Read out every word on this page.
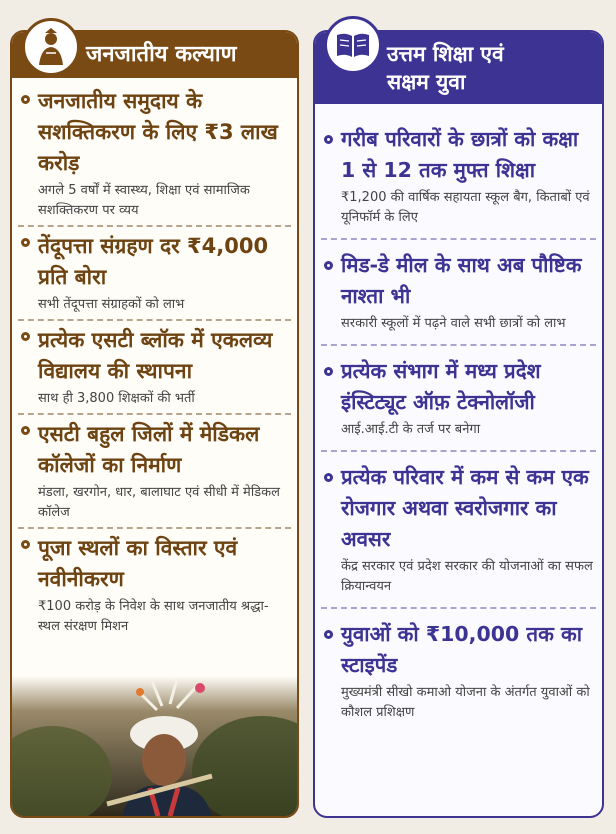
जनजातीय कल्याण
जनजातीय समुदाय के सशक्तिकरण के लिए ₹3 लाख करोड़
अगले 5 वर्षों में स्वास्थ्य, शिक्षा एवं सामाजिक सशक्तिकरण पर व्यय
तेंदूपत्ता संग्रहण दर ₹4,000 प्रति बोरा
सभी तेंदूपत्ता संग्राहकों को लाभ
प्रत्येक एसटी ब्लॉक में एकलव्य विद्यालय की स्थापना
साथ ही 3,800 शिक्षकों की भर्ती
एसटी बहुल जिलों में मेडिकल कॉलेजों का निर्माण
मंडला, खरगोन, धार, बालाघाट एवं सीधी में मेडिकल कॉलेज
पूजा स्थलों का विस्तार एवं नवीनीकरण
₹100 करोड़ के निवेश के साथ जनजातीय श्रद्धा-स्थल संरक्षण मिशन
उत्तम शिक्षा एवं
सक्षम युवा
गरीब परिवारों के छात्रों को कक्षा 1 से 12 तक मुफ्त शिक्षा
₹1,200 की वार्षिक सहायता स्कूल बैग, किताबों एवं यूनिफॉर्म के लिए
मिड-डे मील के साथ अब पौष्टिक नाश्ता भी
सरकारी स्कूलों में पढ़ने वाले सभी छात्रों को लाभ
प्रत्येक संभाग में मध्य प्रदेश इंस्टिट्यूट ऑफ़ टेक्नोलॉजी
आई.आई.टी के तर्ज पर बनेगा
प्रत्येक परिवार में कम से कम एक रोजगार अथवा स्वरोजगार का अवसर
केंद्र सरकार एवं प्रदेश सरकार की योजनाओं का सफल क्रियान्वयन
युवाओं को ₹10,000 तक का स्टाइपेंड
मुख्यमंत्री सीखो कमाओ योजना के अंतर्गत युवाओं को कौशल प्रशिक्षण
